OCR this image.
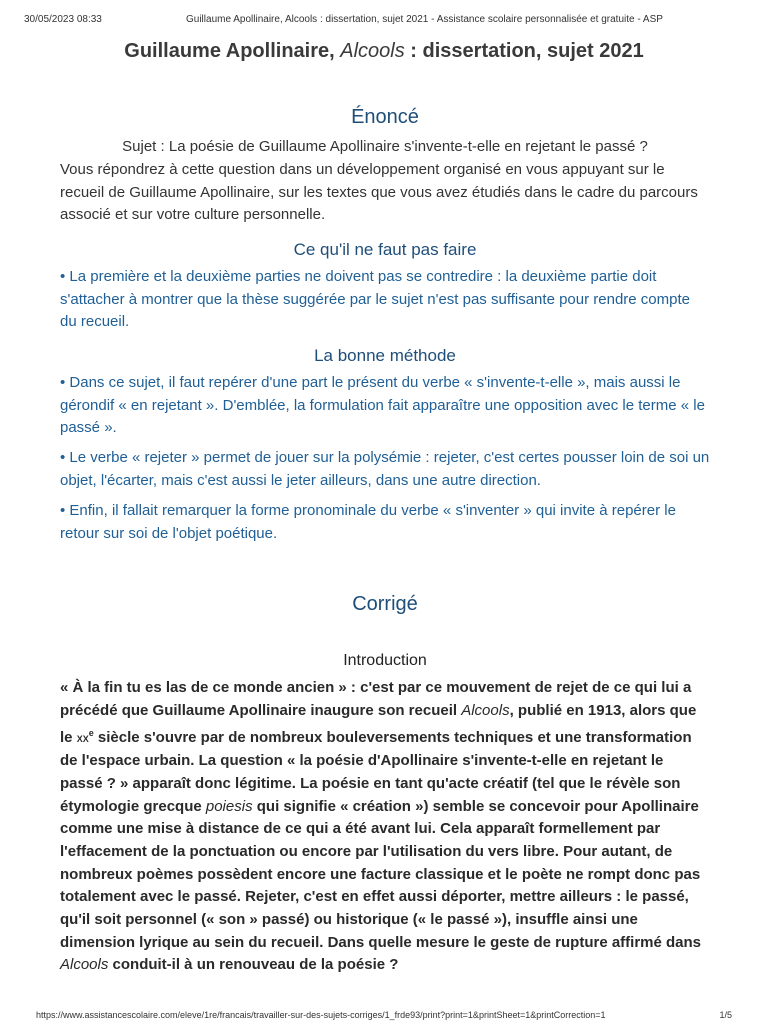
30/05/2023 08:33	Guillaume Apollinaire, Alcools : dissertation, sujet 2021 - Assistance scolaire personnalisée et gratuite - ASP
Guillaume Apollinaire, Alcools : dissertation, sujet 2021
Énoncé

Sujet : La poésie de Guillaume Apollinaire s'invente-t-elle en rejetant le passé ?

Vous répondrez à cette question dans un développement organisé en vous appuyant sur le recueil de Guillaume Apollinaire, sur les textes que vous avez étudiés dans le cadre du parcours associé et sur votre culture personnelle.

Ce qu'il ne faut pas faire

• La première et la deuxième parties ne doivent pas se contredire : la deuxième partie doit s'attacher à montrer que la thèse suggérée par le sujet n'est pas suffisante pour rendre compte du recueil.

La bonne méthode

• Dans ce sujet, il faut repérer d'une part le présent du verbe « s'invente-t-elle », mais aussi le gérondif « en rejetant ». D'emblée, la formulation fait apparaître une opposition avec le terme « le passé ».

• Le verbe « rejeter » permet de jouer sur la polysémie : rejeter, c'est certes pousser loin de soi un objet, l'écarter, mais c'est aussi le jeter ailleurs, dans une autre direction.

• Enfin, il fallait remarquer la forme pronominale du verbe « s'inventer » qui invite à repérer le retour sur soi de l'objet poétique.

Corrigé
Introduction

« À la fin tu es las de ce monde ancien » : c'est par ce mouvement de rejet de ce qui lui a précédé que Guillaume Apollinaire inaugure son recueil Alcools, publié en 1913, alors que le $xx^e$ siècle s'ouvre par de nombreux bouleversements techniques et une transformation de l'espace urbain. La question « la poésie d'Apollinaire s'invente-t-elle en rejetant le passé ? » apparaît donc légitime. La poésie en tant qu'acte créatif (tel que le révèle son étymologie grecque poiesis qui signifie « création ») semble se concevoir pour Apollinaire comme une mise à distance de ce qui a été avant lui. Cela apparaît formellement par l'effacement de la ponctuation ou encore par l'utilisation du vers libre. Pour autant, de nombreux poèmes possèdent encore une facture classique et le poète ne rompt donc pas totalement avec le passé. Rejeter, c'est en effet aussi déporter, mettre ailleurs : le passé, qu'il soit personnel (« son » passé) ou historique (« le passé »), insuffle ainsi une dimension lyrique au sein du recueil. Dans quelle mesure le geste de rupture affirmé dans Alcools conduit-il à un renouveau de la poésie ?

https://www.assistancescolaire.com/eleve/1re/francais/travailler-sur-des-sujets-corriges/1_frde93/print?print=1&printSheet=1&printCorrection=1	1/5
